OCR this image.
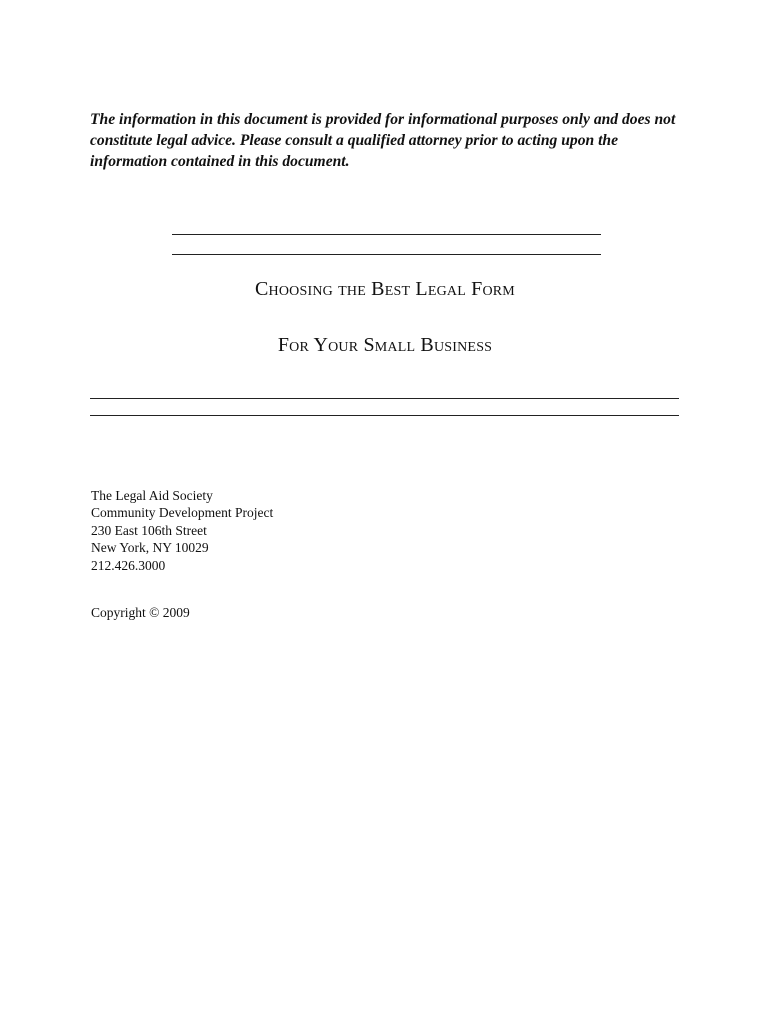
The information in this document is provided for informational purposes only and does not constitute legal advice. Please consult a qualified attorney prior to acting upon the information contained in this document.

Choosing the Best Legal Form
For Your Small Business
The Legal Aid Society
Community Development Project
230 East 106th Street
New York, NY 10029
212.426.3000

Copyright © 2009
